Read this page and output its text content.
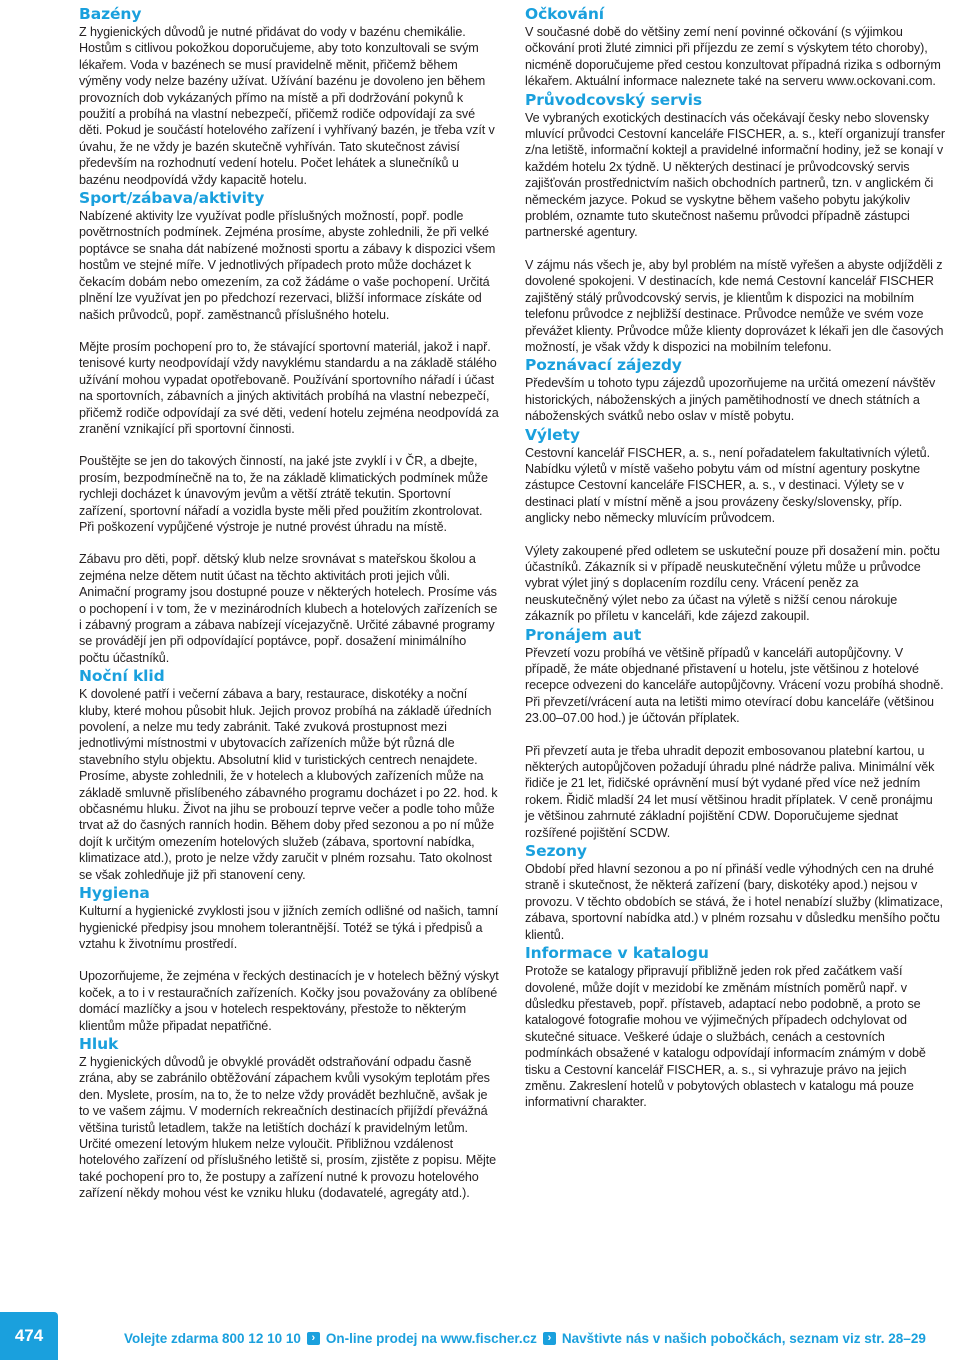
Bazény

Z hygienických důvodů je nutné přidávat do vody v bazénu chemikálie. Hostům s citlivou pokožkou doporučujeme, aby toto konzultovali se svým lékařem. Voda v bazénech se musí pravidelně měnit, přičemž během výměny vody nelze bazény užívat. Užívání bazénu je dovoleno jen během provozních dob vykázaných přímo na místě a při dodržování pokynů k použití a probíhá na vlastní nebezpečí, přičemž rodiče odpovídají za své děti. Pokud je součástí hotelového zařízení i vyhřívaný bazén, je třeba vzít v úvahu, že ne vždy je bazén skutečně vyhříván. Tato skutečnost závisí především na rozhodnutí vedení hotelu. Počet lehátek a slunečníků u bazénu neodpovídá vždy kapacitě hotelu.

Sport/zábava/aktivity

Nabízené aktivity lze využívat podle příslušných možností, popř. podle povětrnostních podmínek. Zejména prosíme, abyste zohlednili, že při velké poptávce se snaha dát nabízené možnosti sportu a zábavy k dispozici všem hostům ve stejné míře. V jednotlivých případech proto může docházet k čekacím dobám nebo omezením, za což žádáme o vaše pochopení. Určitá plnění lze využívat jen po předchozí rezervaci, bližší informace získáte od našich průvodců, popř. zaměstnanců příslušného hotelu.

Mějte prosím pochopení pro to, že stávající sportovní materiál, jakož i např. tenisové kurty neodpovídají vždy navyklému standardu a na základě stálého užívání mohou vypadat opotřebovaně. Používání sportovního nářadí i účast na sportovních, zábavních a jiných aktivitách probíhá na vlastní nebezpečí, přičemž rodiče odpovídají za své děti, vedení hotelu zejména neodpovídá za zranění vznikající při sportovní činnosti.

Pouštějte se jen do takových činností, na jaké jste zvyklí i v ČR, a dbejte, prosím, bezpodmínečně na to, že na základě klimatických podmínek může rychleji docházet k únavovým jevům a větší ztrátě tekutin. Sportovní zařízení, sportovní nářadí a vozidla byste měli před použitím zkontrolovat. Při poškození vypůjčené výstroje je nutné provést úhradu na místě.

Zábavu pro děti, popř. dětský klub nelze srovnávat s mateřskou školou a zejména nelze dětem nutit účast na těchto aktivitách proti jejich vůli. Animační programy jsou dostupné pouze v některých hotelech. Prosíme vás o pochopení i v tom, že v mezinárodních klubech a hotelových zařízeních se i zábavný program a zábava nabízejí vícejazyčně. Určité zábavné programy se provádějí jen při odpovídající poptávce, popř. dosažení minimálního počtu účastníků.

Noční klid

K dovolené patří i večerní zábava a bary, restaurace, diskotéky a noční kluby, které mohou působit hluk. Jejich provoz probíhá na základě úředních povolení, a nelze mu tedy zabránit. Také zvuková prostupnost mezi jednotlivými místnostmi v ubytovacích zařízeních může být různá dle stavebního stylu objektu. Absolutní klid v turistických centrech nenajdete. Prosíme, abyste zohlednili, že v hotelech a klubových zařízeních může na základě smluvně přislíbeného zábavného programu docházet i po 22. hod. k občasnému hluku. Život na jihu se probouzí teprve večer a podle toho může trvat až do časných ranních hodin. Během doby před sezonou a po ní může dojít k určitým omezením hotelových služeb (zábava, sportovní nabídka, klimatizace atd.), proto je nelze vždy zaručit v plném rozsahu. Tato okolnost se však zohledňuje již při stanovení ceny.

Hygiena

Kulturní a hygienické zvyklosti jsou v jižních zemích odlišné od našich, tamní hygienické předpisy jsou mnohem tolerantnější. Totéž se týká i předpisů a vztahu k životnímu prostředí.

Upozorňujeme, že zejména v řeckých destinacích je v hotelech běžný výskyt koček, a to i v restauračních zařízeních. Kočky jsou považovány za oblíbené domácí mazlíčky a jsou v hotelech respektovány, přestože to některým klientům může připadat nepatřičné.

Hluk

Z hygienických důvodů je obvyklé provádět odstraňování odpadu časně zrána, aby se zabránilo obtěžování zápachem kvůli vysokým teplotám přes den. Myslete, prosím, na to, že to nelze vždy provádět bezhlučně, avšak je to ve vašem zájmu. V moderních rekreačních destinacích přijíždí převážná většina turistů letadlem, takže na letištích dochází k pravidelným letům. Určité omezení letovým hlukem nelze vyloučit. Přibližnou vzdálenost hotelového zařízení od příslušného letiště si, prosím, zjistěte z popisu. Mějte také pochopení pro to, že postupy a zařízení nutné k provozu hotelového zařízení někdy mohou vést ke vzniku hluku (dodavatelé, agregáty atd.).

Očkování

V současné době do většiny zemí není povinné očkování (s výjimkou očkování proti žluté zimnici při příjezdu ze zemí s výskytem této choroby), nicméně doporučujeme před cestou konzultovat případná rizika s odborným lékařem. Aktuální informace naleznete také na serveru www.ockovani.com.

Průvodcovský servis

Ve vybraných exotických destinacích vás očekávají česky nebo slovensky mluvící průvodci Cestovní kanceláře FISCHER, a. s., kteří organizují transfer z/na letiště, informační koktejl a pravidelné informační hodiny, jež se konají v každém hotelu 2x týdně. U některých destinací je průvodcovský servis zajišťován prostřednictvím našich obchodních partnerů, tzn. v anglickém či německém jazyce. Pokud se vyskytne během vašeho pobytu jakýkoliv problém, oznamte tuto skutečnost našemu průvodci případně zástupci partnerské agentury.

V zájmu nás všech je, aby byl problém na místě vyřešen a abyste odjížděli z dovolené spokojeni. V destinacích, kde nemá Cestovní kancelář FISCHER zajištěný stálý průvodcovský servis, je klientům k dispozici na mobilním telefonu průvodce z nejbližší destinace. Průvodce nemůže ve svém voze převážet klienty. Průvodce může klienty doprovázet k lékaři jen dle časových možností, je však vždy k dispozici na mobilním telefonu.

Poznávací zájezdy

Především u tohoto typu zájezdů upozorňujeme na určitá omezení návštěv historických, náboženských a jiných pamětihodností ve dnech státních a náboženských svátků nebo oslav v místě pobytu.

Výlety

Cestovní kancelář FISCHER, a. s., není pořadatelem fakultativních výletů. Nabídku výletů v místě vašeho pobytu vám od místní agentury poskytne zástupce Cestovní kanceláře FISCHER, a. s., v destinaci. Výlety se v destinaci platí v místní měně a jsou provázeny česky/slovensky, příp. anglicky nebo německy mluvícím průvodcem.

Výlety zakoupené před odletem se uskuteční pouze při dosažení min. počtu účastníků. Zákazník si v případě neuskutečnění výletu může u průvodce vybrat výlet jiný s doplacením rozdílu ceny. Vrácení peněz za neuskutečněný výlet nebo za účast na výletě s nižší cenou nárokuje zákazník po příletu v kanceláři, kde zájezd zakoupil.

Pronájem aut

Převzetí vozu probíhá ve většině případů v kanceláři autopůjčovny. V případě, že máte objednané přistavení u hotelu, jste většinou z hotelové recepce odvezeni do kanceláře autopůjčovny. Vrácení vozu probíhá shodně. Při převzetí/vrácení auta na letišti mimo otevírací dobu kanceláře (většinou 23.00–07.00 hod.) je účtován příplatek.

Při převzetí auta je třeba uhradit depozit embosovanou platební kartou, u některých autopůjčoven požadují úhradu plné nádrže paliva. Minimální věk řidiče je 21 let, řidičské oprávnění musí být vydané před více než jedním rokem. Řidič mladší 24 let musí většinou hradit příplatek. V ceně pronájmu je většinou zahrnuté základní pojištění CDW. Doporučujeme sjednat rozšířené pojištění SCDW.

Sezony

Období před hlavní sezonou a po ní přináší vedle výhodných cen na druhé straně i skutečnost, že některá zařízení (bary, diskotéky apod.) nejsou v provozu. V těchto obdobích se stává, že i hotel nenabízí služby (klimatizace, zábava, sportovní nabídka atd.) v plném rozsahu v důsledku menšího počtu klientů.

Informace v katalogu

Protože se katalogy připravují přibližně jeden rok před začátkem vaší dovolené, může dojít v mezidobí ke změnám místních poměrů např. v důsledku přestaveb, popř. přístaveb, adaptací nebo podobně, a proto se katalogové fotografie mohou ve výjimečných případech odchylovat od skutečné situace. Veškeré údaje o službách, cenách a cestovních podmínkách obsažené v katalogu odpovídají informacím známým v době tisku a Cestovní kancelář FISCHER, a. s., si vyhrazuje právo na jejich změnu. Zakreslení hotelů v pobytových oblastech v katalogu má pouze informativní charakter.

474	Volejte zdarma 800 12 10 10 › On-line prodej na www.fischer.cz › Navštivte nás v našich pobočkách, seznam viz str. 28–29
